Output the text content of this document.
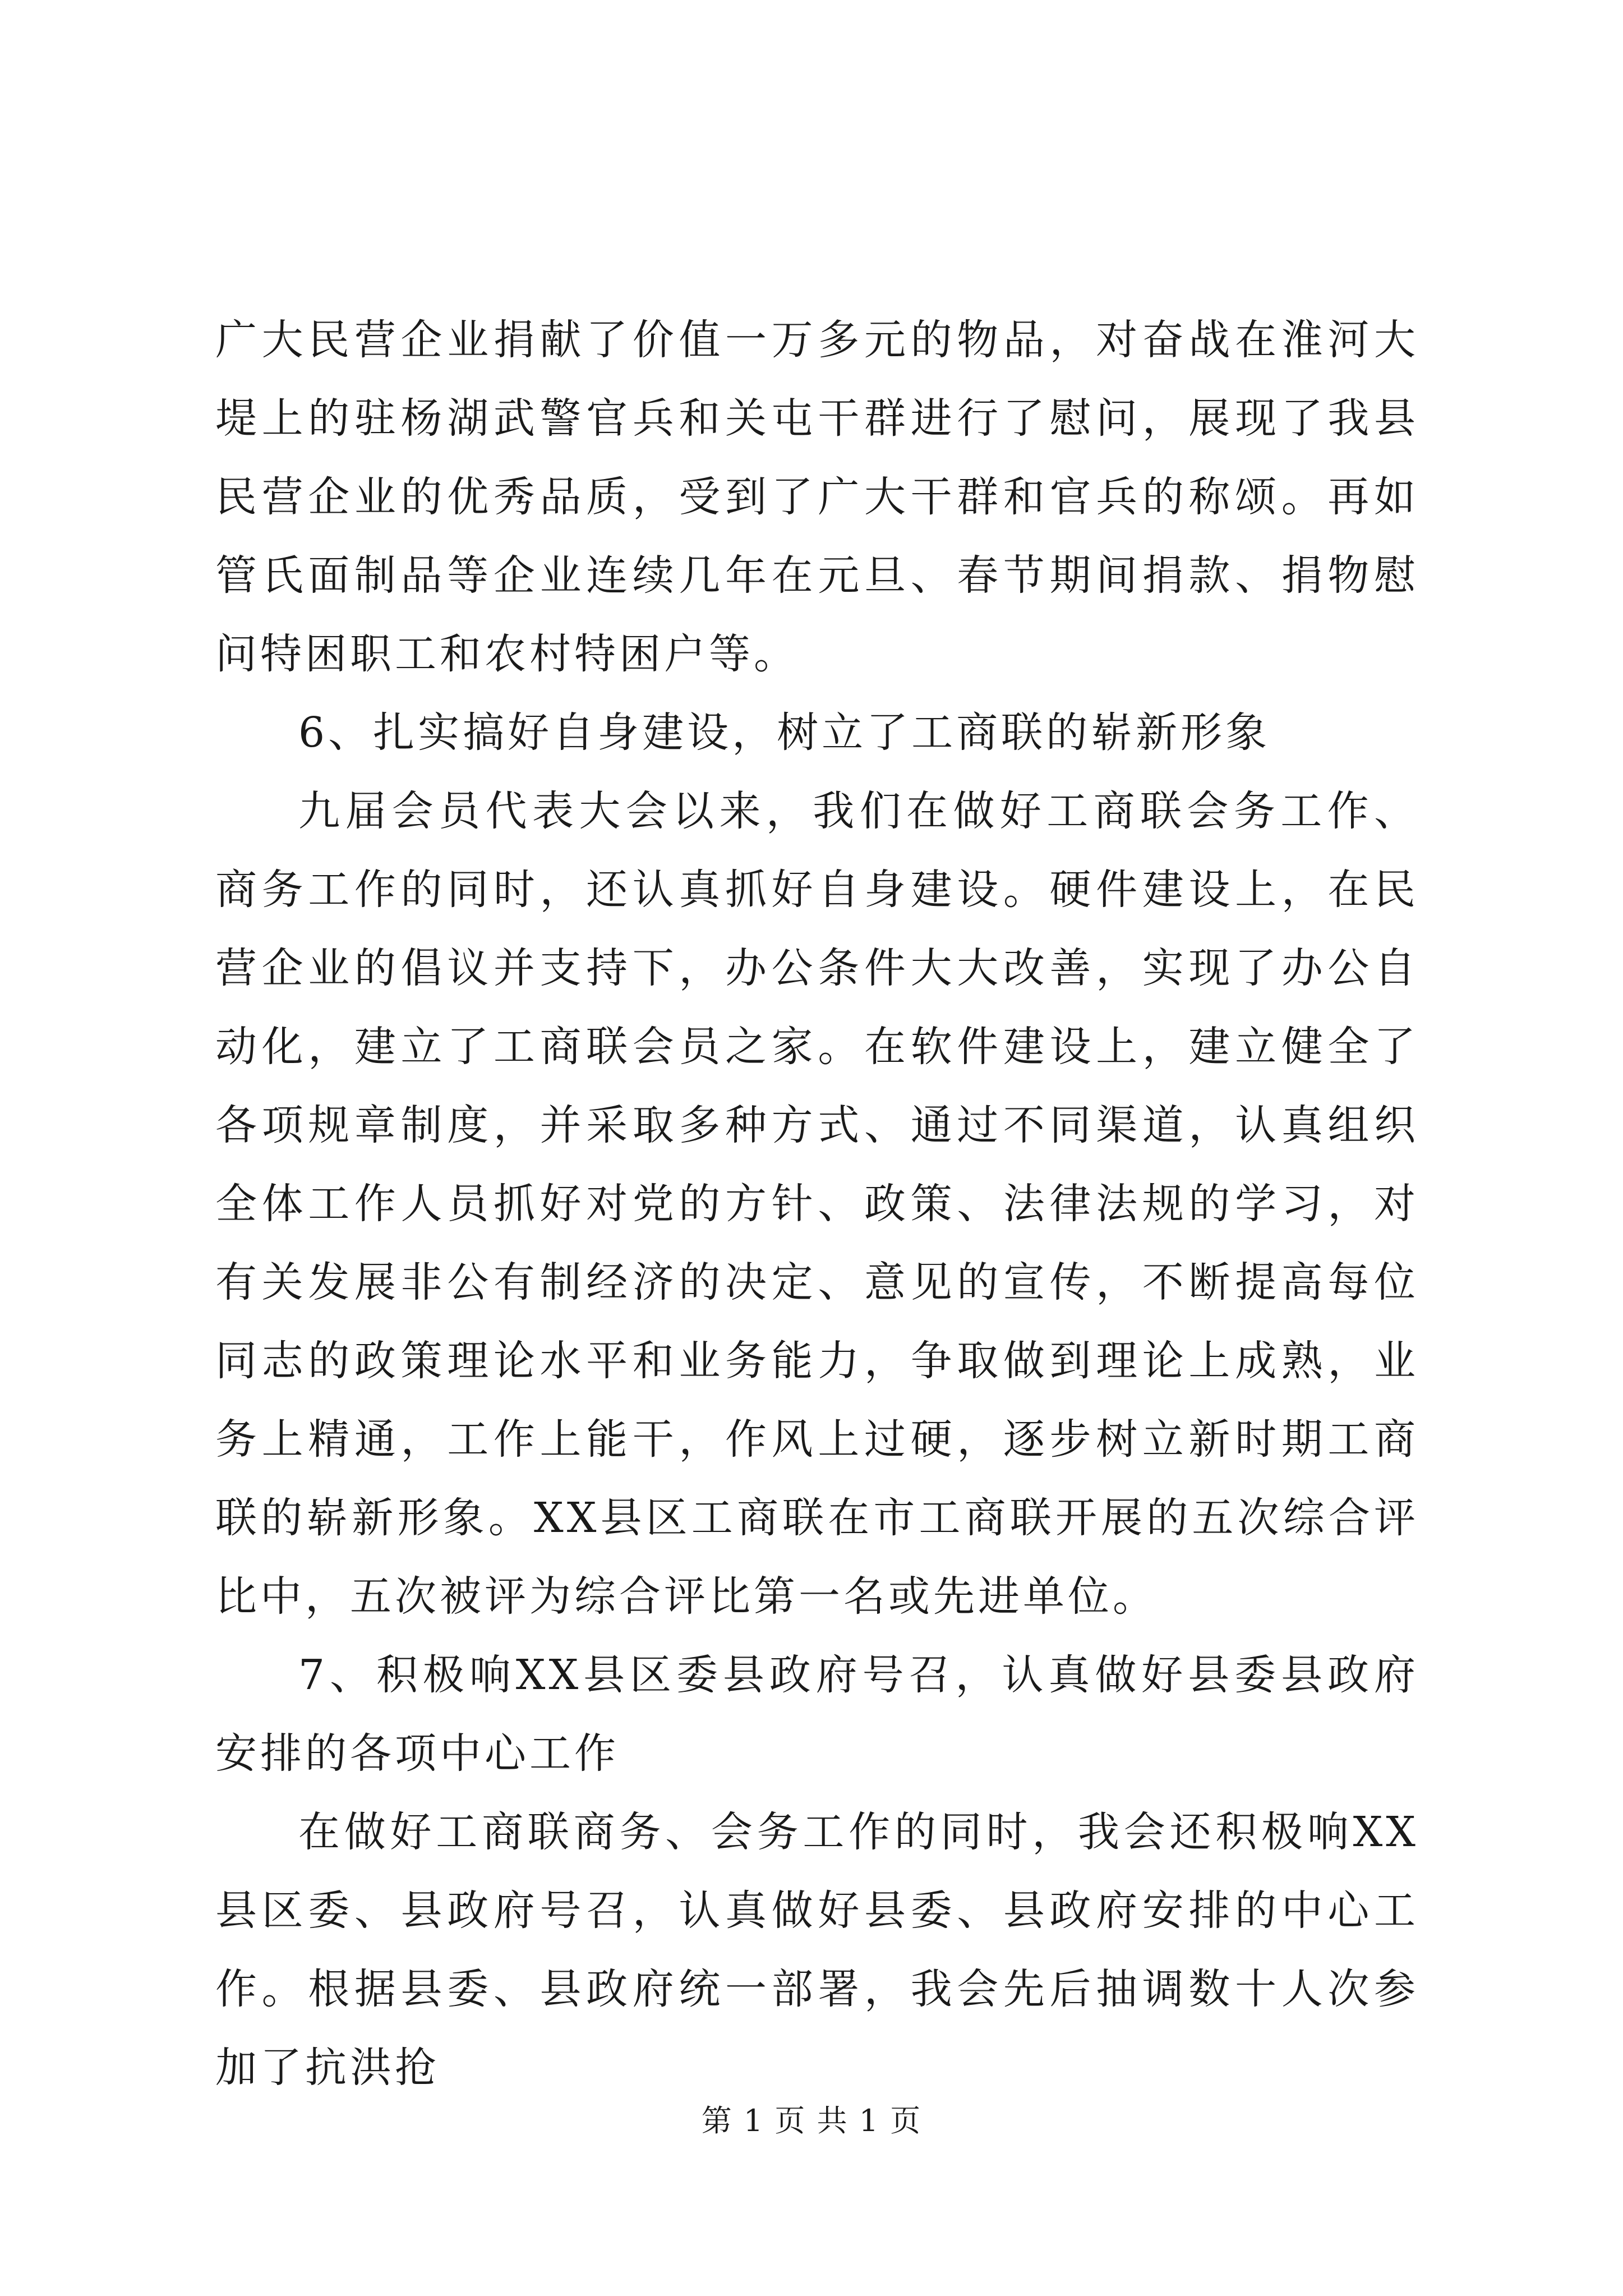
广大民营企业捐献了价值一万多元的物品，对奋战在淮河大堤上的驻杨湖武警官兵和关屯干群进行了慰问，展现了我县民营企业的优秀品质，受到了广大干群和官兵的称颂。再如管氏面制品等企业连续几年在元旦、春节期间捐款、捐物慰问特困职工和农村特困户等。

6、扎实搞好自身建设，树立了工商联的崭新形象

九届会员代表大会以来，我们在做好工商联会务工作、商务工作的同时，还认真抓好自身建设。硬件建设上，在民营企业的倡议并支持下，办公条件大大改善，实现了办公自动化，建立了工商联会员之家。在软件建设上，建立健全了各项规章制度，并采取多种方式、通过不同渠道，认真组织全体工作人员抓好对党的方针、政策、法律法规的学习，对有关发展非公有制经济的决定、意见的宣传，不断提高每位同志的政策理论水平和业务能力，争取做到理论上成熟，业务上精通，工作上能干，作风上过硬，逐步树立新时期工商联的崭新形象。XX县区工商联在市工商联开展的五次综合评比中，五次被评为综合评比第一名或先进单位。

7、积极响XX县区委县政府号召，认真做好县委县政府安排的各项中心工作

在做好工商联商务、会务工作的同时，我会还积极响XX县区委、县政府号召，认真做好县委、县政府安排的中心工作。根据县委、县政府统一部署，我会先后抽调数十人次参加了抗洪抢

第 1 页 共 1 页
